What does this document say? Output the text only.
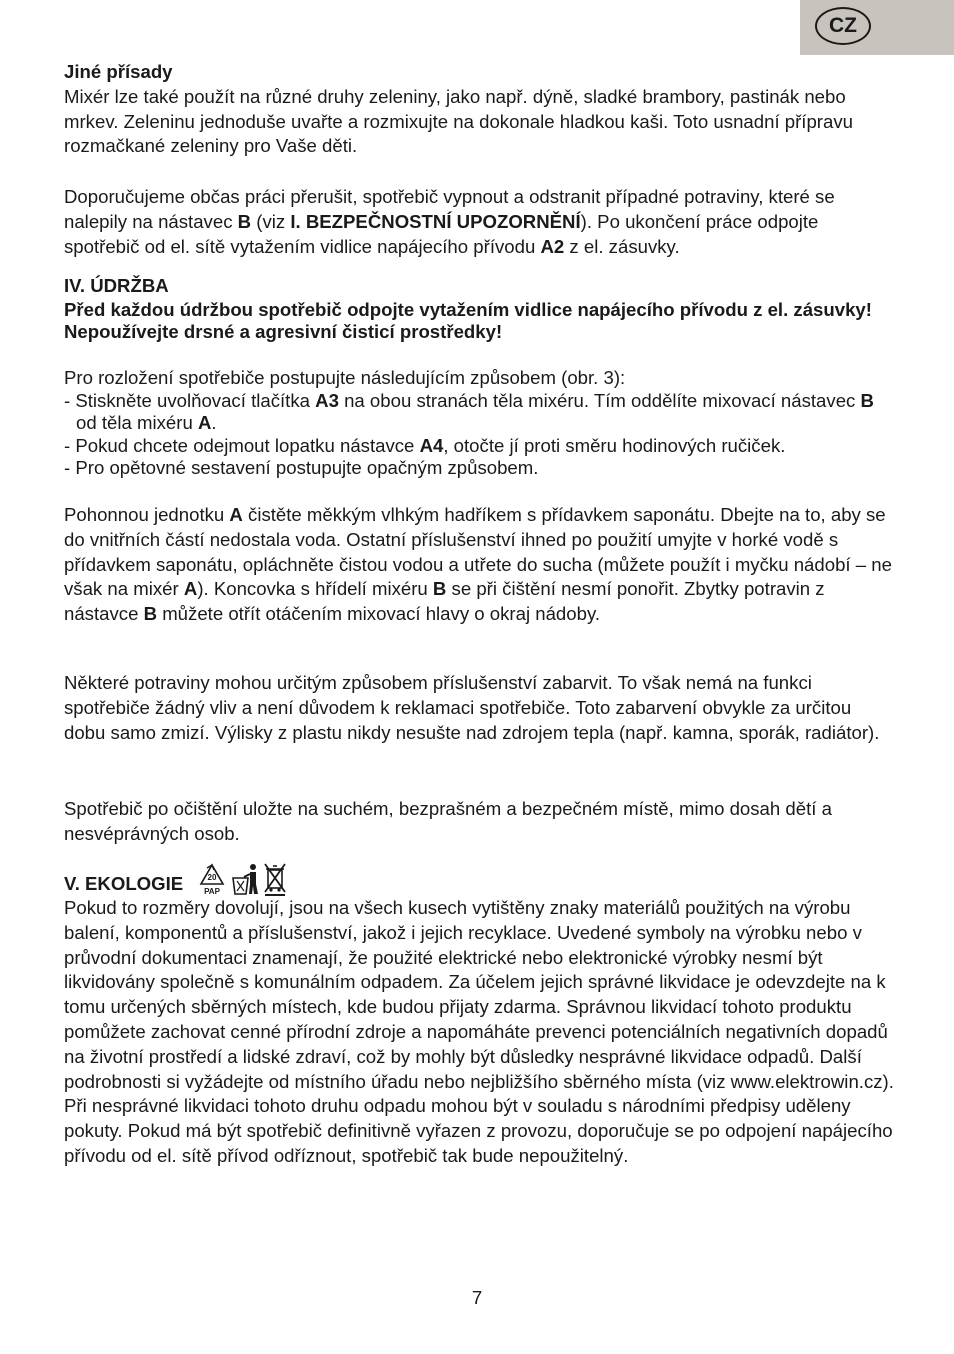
CZ

Jiné přísady

Mixér lze také použít na různé druhy zeleniny, jako např. dýně, sladké brambory, pastinák nebo mrkev. Zeleninu jednoduše uvařte a rozmixujte na dokonale hladkou kaši. Toto usnadní přípravu rozmačkané zeleniny pro Vaše děti.

Doporučujeme občas práci přerušit, spotřebič vypnout a odstranit případné potraviny, které se nalepily na nástavec B (viz I. BEZPEČNOSTNÍ UPOZORNĚNÍ). Po ukončení práce odpojte spotřebič od el. sítě vytažením vidlice napájecího přívodu A2 z el. zásuvky.

IV. ÚDRŽBA

Před každou údržbou spotřebič odpojte vytažením vidlice napájecího přívodu z el. zásuvky! Nepoužívejte drsné a agresivní čisticí prostředky!

Pro rozložení spotřebiče postupujte následujícím způsobem (obr. 3):

- Stiskněte uvolňovací tlačítka A3 na obou stranách těla mixéru. Tím oddělíte mixovací nástavec B od těla mixéru A.

- Pokud chcete odejmout lopatku nástavce A4, otočte jí proti směru hodinových ručiček.

- Pro opětovné sestavení postupujte opačným způsobem.

Pohonnou jednotku A čistěte měkkým vlhkým hadříkem s přídavkem saponátu. Dbejte na to, aby se do vnitřních částí nedostala voda. Ostatní příslušenství ihned po použití umyjte v horké vodě s přídavkem saponátu, opláchněte čistou vodou a utřete do sucha (můžete použít i myčku nádobí – ne však na mixér A). Koncovka s hřídelí mixéru B se při čištění nesmí ponořit. Zbytky potravin z nástavce B můžete otřít otáčením mixovací hlavy o okraj nádoby.

Některé potraviny mohou určitým způsobem příslušenství zabarvit. To však nemá na funkci spotřebiče žádný vliv a není důvodem k reklamaci spotřebiče. Toto zabarvení obvykle za určitou dobu samo zmizí. Výlisky z plastu nikdy nesušte nad zdrojem tepla (např. kamna, sporák, radiátor).

Spotřebič po očištění uložte na suchém, bezprašném a bezpečném místě, mimo dosah dětí a nesvéprávných osob.

V. EKOLOGIE	20
PAP

Pokud to rozměry dovolují, jsou na všech kusech vytištěny znaky materiálů použitých na výrobu balení, komponentů a příslušenství, jakož i jejich recyklace. Uvedené symboly na výrobku nebo v průvodní dokumentaci znamenají, že použité elektrické nebo elektronické výrobky nesmí být likvidovány společně s komunálním odpadem. Za účelem jejich správné likvidace je odevzdejte na k tomu určených sběrných místech, kde budou přijaty zdarma. Správnou likvidací tohoto produktu pomůžete zachovat cenné přírodní zdroje a napomáháte prevenci potenciálních negativních dopadů na životní prostředí a lidské zdraví, což by mohly být důsledky nesprávné likvidace odpadů. Další podrobnosti si vyžádejte od místního úřadu nebo nejbližšího sběrného místa (viz www.elektrowin.cz).

Při nesprávné likvidaci tohoto druhu odpadu mohou být v souladu s národními předpisy uděleny pokuty. Pokud má být spotřebič definitivně vyřazen z provozu, doporučuje se po odpojení napájecího přívodu od el. sítě přívod odříznout, spotřebič tak bude nepoužitelný.

7
